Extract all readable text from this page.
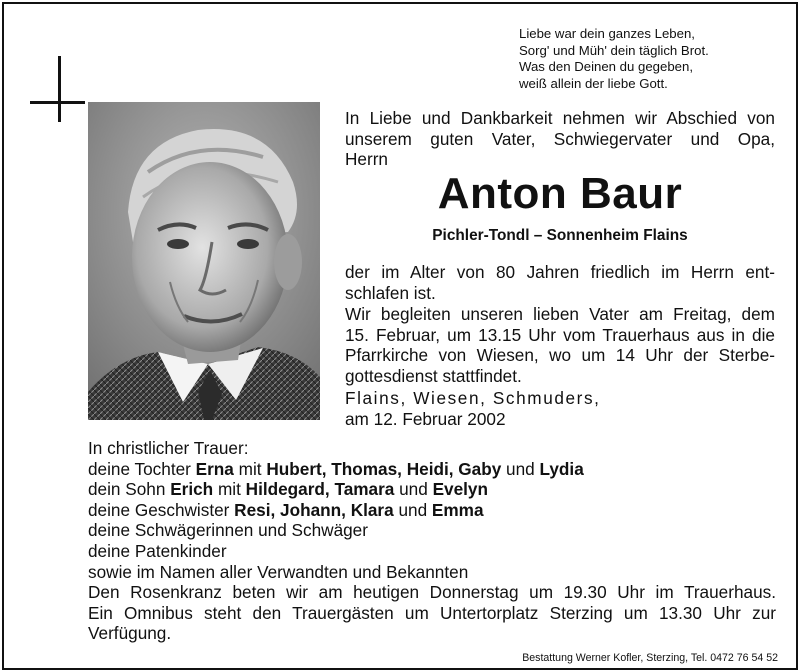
Liebe war dein ganzes Leben,
Sorg' und Müh' dein täglich Brot.
Was den Deinen du gegeben,
weiß allein der liebe Gott.
In Liebe und Dankbarkeit nehmen wir Abschied von
unserem guten Vater, Schwiegervater und Opa,
Herrn
Anton Baur
Pichler-Tondl – Sonnenheim Flains
der im Alter von 80 Jahren friedlich im Herrn ent-
schlafen ist.
Wir begleiten unseren lieben Vater am Freitag, dem
15. Februar, um 13.15 Uhr vom Trauerhaus aus in die
Pfarrkirche von Wiesen, wo um 14 Uhr der Sterbe-
gottesdienst stattfindet.
Flains, Wiesen, Schmuders,
am 12. Februar 2002
In christlicher Trauer:
deine Tochter Erna mit Hubert, Thomas, Heidi, Gaby und Lydia
dein Sohn Erich mit Hildegard, Tamara und Evelyn
deine Geschwister Resi, Johann, Klara und Emma
deine Schwägerinnen und Schwäger
deine Patenkinder
sowie im Namen aller Verwandten und Bekannten
Den Rosenkranz beten wir am heutigen Donnerstag um 19.30 Uhr im Trauerhaus.
Ein Omnibus steht den Trauergästen um Untertorplatz Sterzing um 13.30 Uhr zur
Verfügung.
Bestattung Werner Kofler, Sterzing, Tel. 0472 76 54 52
